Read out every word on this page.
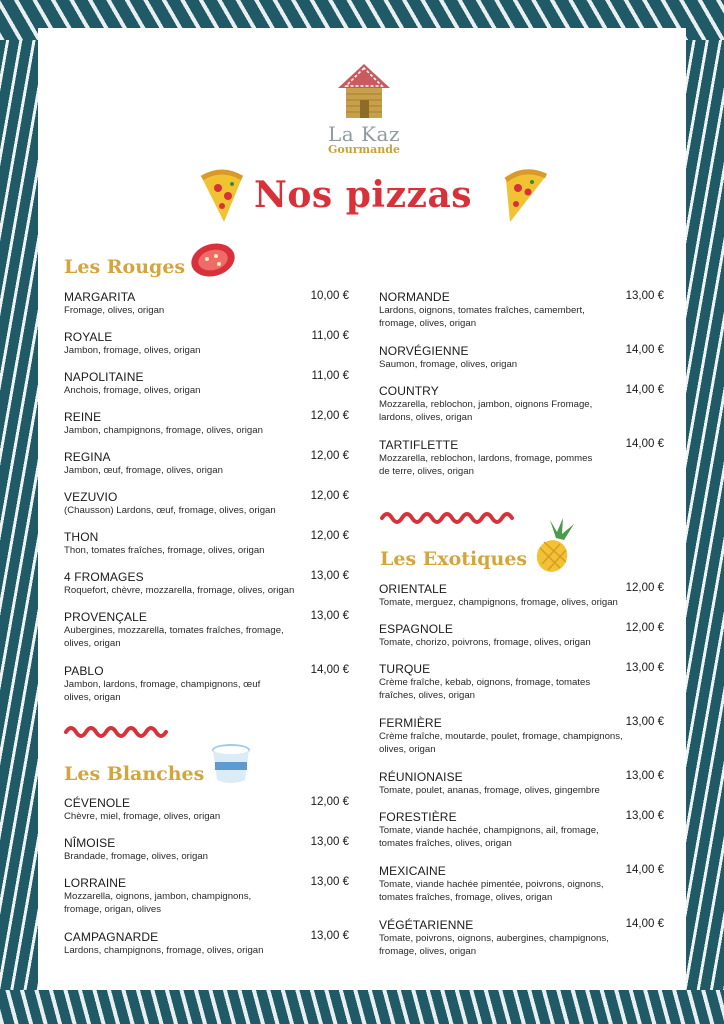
La Kaz
Gourmande
Nos pizzas
Les Rouges
MARGARITA
Fromage, olives, origan
10,00 €
ROYALE
Jambon, fromage, olives, origan
11,00 €
NAPOLITAINE
Anchois, fromage, olives, origan
11,00 €
REINE
Jambon, champignons, fromage, olives, origan
12,00 €
REGINA
Jambon, œuf, fromage, olives, origan
12,00 €
VEZUVIO
(Chausson) Lardons, œuf, fromage, olives, origan
12,00 €
THON
Thon, tomates fraîches, fromage, olives, origan
12,00 €
4 FROMAGES
Roquefort, chèvre, mozzarella, fromage, olives, origan
13,00 €
PROVENÇALE
Aubergines, mozzarella, tomates fraîches, fromage, olives, origan
13,00 €
PABLO
Jambon, lardons, fromage, champignons, œuf olives, origan
14,00 €
Les Blanches
CÉVENOLE
Chèvre, miel, fromage, olives, origan
12,00 €
NÎMOISE
Brandade, fromage, olives, origan
13,00 €
LORRAINE
Mozzarella, oignons, jambon, champignons, fromage, origan, olives
13,00 €
CAMPAGNARDE
Lardons, champignons, fromage, olives, origan
13,00 €
NORMANDE
Lardons, oignons, tomates fraîches, camembert, fromage, olives, origan
13,00 €
NORVÉGIENNE
Saumon, fromage, olives, origan
14,00 €
COUNTRY
Mozzarella, reblochon, jambon, oignons Fromage, lardons, olives, origan
14,00 €
TARTIFLETTE
Mozzarella, reblochon, lardons, fromage, pommes de terre, olives, origan
14,00 €
Les Exotiques
ORIENTALE
Tomate, merguez, champignons, fromage, olives, origan
12,00 €
ESPAGNOLE
Tomate, chorizo, poivrons, fromage, olives, origan
12,00 €
TURQUE
Crème fraîche, kebab, oignons, fromage, tomates fraîches, olives, origan
13,00 €
FERMIÈRE
Crème fraîche, moutarde, poulet, fromage, champignons, olives, origan
13,00 €
RÉUNIONAISE
Tomate, poulet, ananas, fromage, olives, gingembre
13,00 €
FORESTIÈRE
Tomate, viande hachée, champignons, ail, fromage, tomates fraîches, olives, origan
13,00 €
MEXICAINE
Tomate, viande hachée pimentée, poivrons, oignons, tomates fraîches, fromage, olives, origan
14,00 €
VÉGÉTARIENNE
Tomate, poivrons, oignons, aubergines, champignons, fromage, olives, origan
14,00 €
